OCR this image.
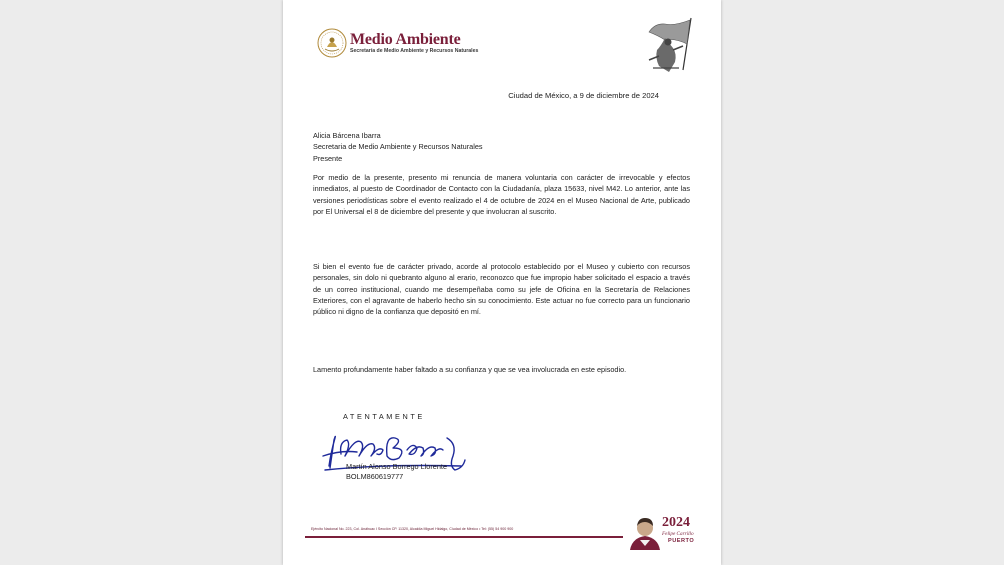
Medio Ambiente
Secretaría de Medio Ambiente y Recursos Naturales
Ciudad de México, a 9 de diciembre de 2024
Alicia Bárcena Ibarra
Secretaria de Medio Ambiente y Recursos Naturales
Presente
Por medio de la presente, presento mi renuncia de manera voluntaria con carácter de irrevocable y efectos inmediatos, al puesto de Coordinador de Contacto con la Ciudadanía, plaza 15633, nivel M42. Lo anterior, ante las versiones periodísticas sobre el evento realizado el 4 de octubre de 2024 en el Museo Nacional de Arte, publicado por El Universal el 8 de diciembre del presente y que involucran al suscrito.
Si bien el evento fue de carácter privado, acorde al protocolo establecido por el Museo y cubierto con recursos personales, sin dolo ni quebranto alguno al erario, reconozco que fue impropio haber solicitado el espacio a través de un correo institucional, cuando me desempeñaba como su jefe de Oficina en la Secretaría de Relaciones Exteriores, con el agravante de haberlo hecho sin su conocimiento. Este actuar no fue correcto para un funcionario público ni digno de la confianza que depositó en mí.
Lamento profundamente haber faltado a su confianza y que se vea involucrada en este episodio.
ATENTAMENTE
Martín Alonso Borrego Llorente
BOLM860619777
Ejército Nacional No. 223, Col. Anáhuac I Sección CP. 11320, Alcaldía Miguel Hidalgo, Ciudad de México • Tel: (55) 54 900 900	2024
Felipe Carrillo
PUERTO
